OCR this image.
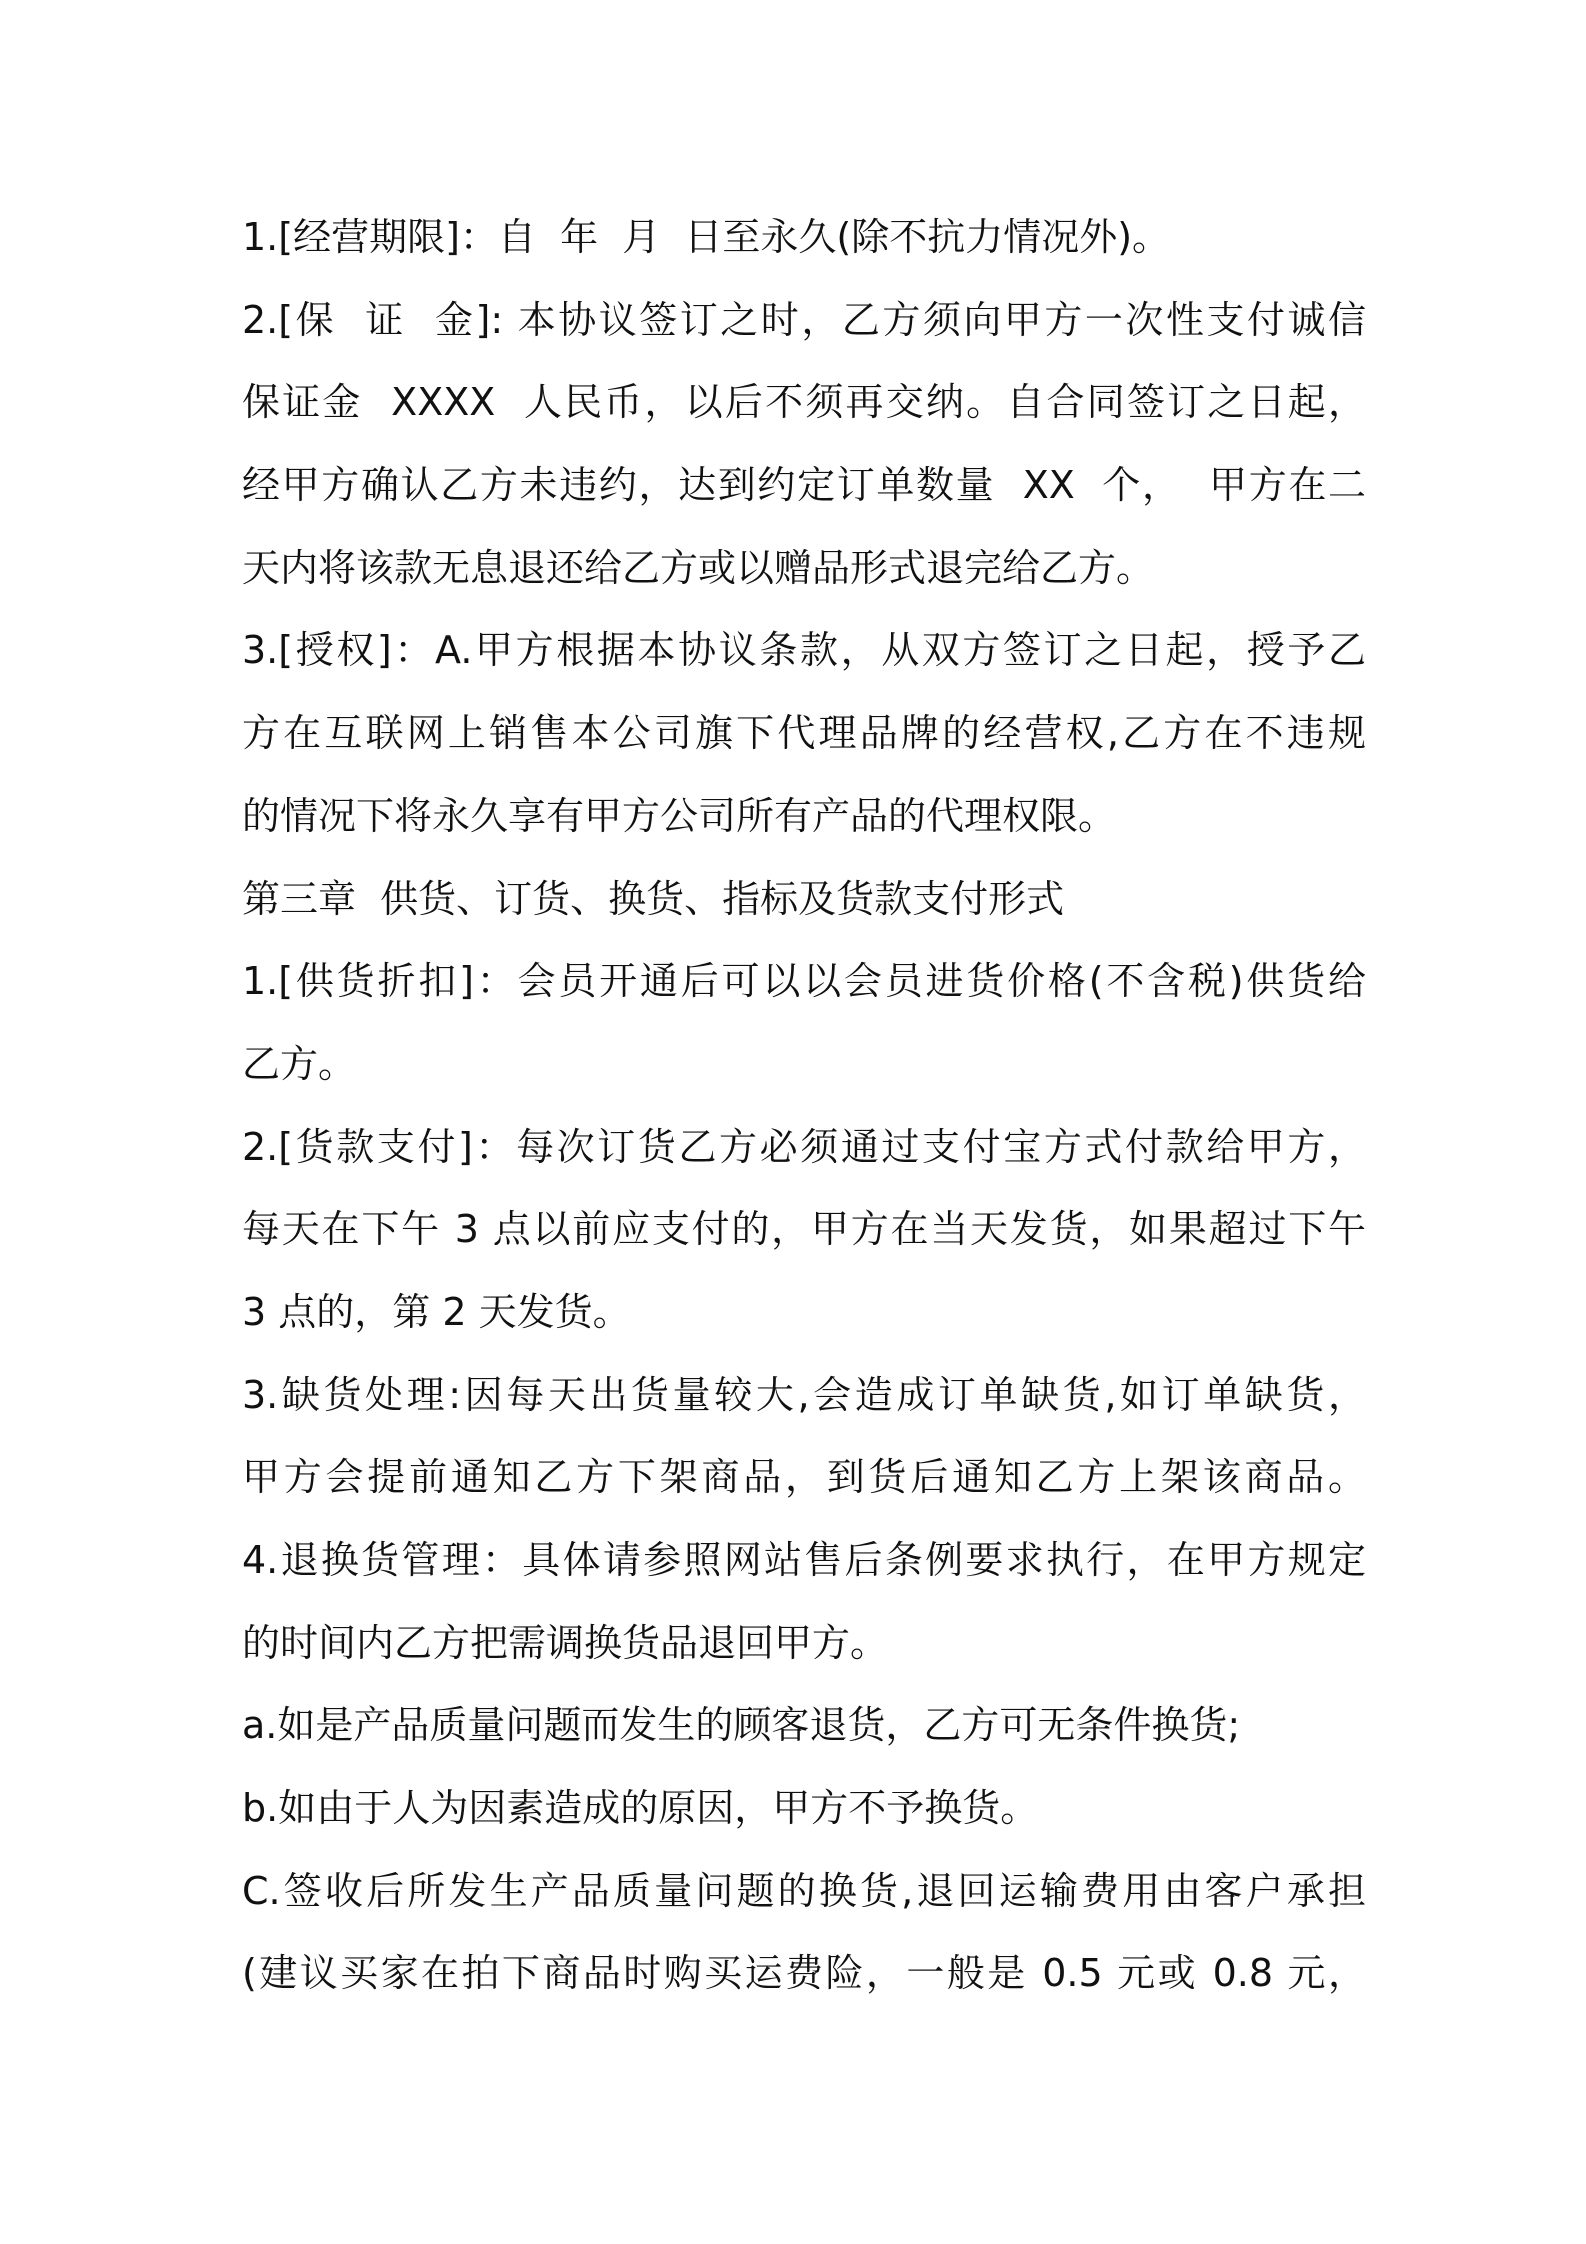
1.[经营期限]：自  年  月  日至永久(除不抗力情况外)。
2.[保  证  金]: 本协议签订之时，乙方须向甲方一次性支付诚信
保证金  XXXX  人民币，以后不须再交纳。自合同签订之日起，
经甲方确认乙方未违约，达到约定订单数量  XX  个，  甲方在二
天内将该款无息退还给乙方或以赠品形式退完给乙方。
3.[授权]：A.甲方根据本协议条款，从双方签订之日起，授予乙
方在互联网上销售本公司旗下代理品牌的经营权,乙方在不违规
的情况下将永久享有甲方公司所有产品的代理权限。
第三章  供货、订货、换货、指标及货款支付形式
1.[供货折扣]：会员开通后可以以会员进货价格(不含税)供货给
乙方。
2.[货款支付]：每次订货乙方必须通过支付宝方式付款给甲方，
每天在下午 3 点以前应支付的，甲方在当天发货，如果超过下午
3 点的，第 2 天发货。
3.缺货处理:因每天出货量较大,会造成订单缺货,如订单缺货，
甲方会提前通知乙方下架商品，到货后通知乙方上架该商品。
4.退换货管理：具体请参照网站售后条例要求执行，在甲方规定
的时间内乙方把需调换货品退回甲方。
a.如是产品质量问题而发生的顾客退货，乙方可无条件换货;
b.如由于人为因素造成的原因，甲方不予换货。
C.签收后所发生产品质量问题的换货,退回运输费用由客户承担
(建议买家在拍下商品时购买运费险，一般是 0.5 元或 0.8 元，
